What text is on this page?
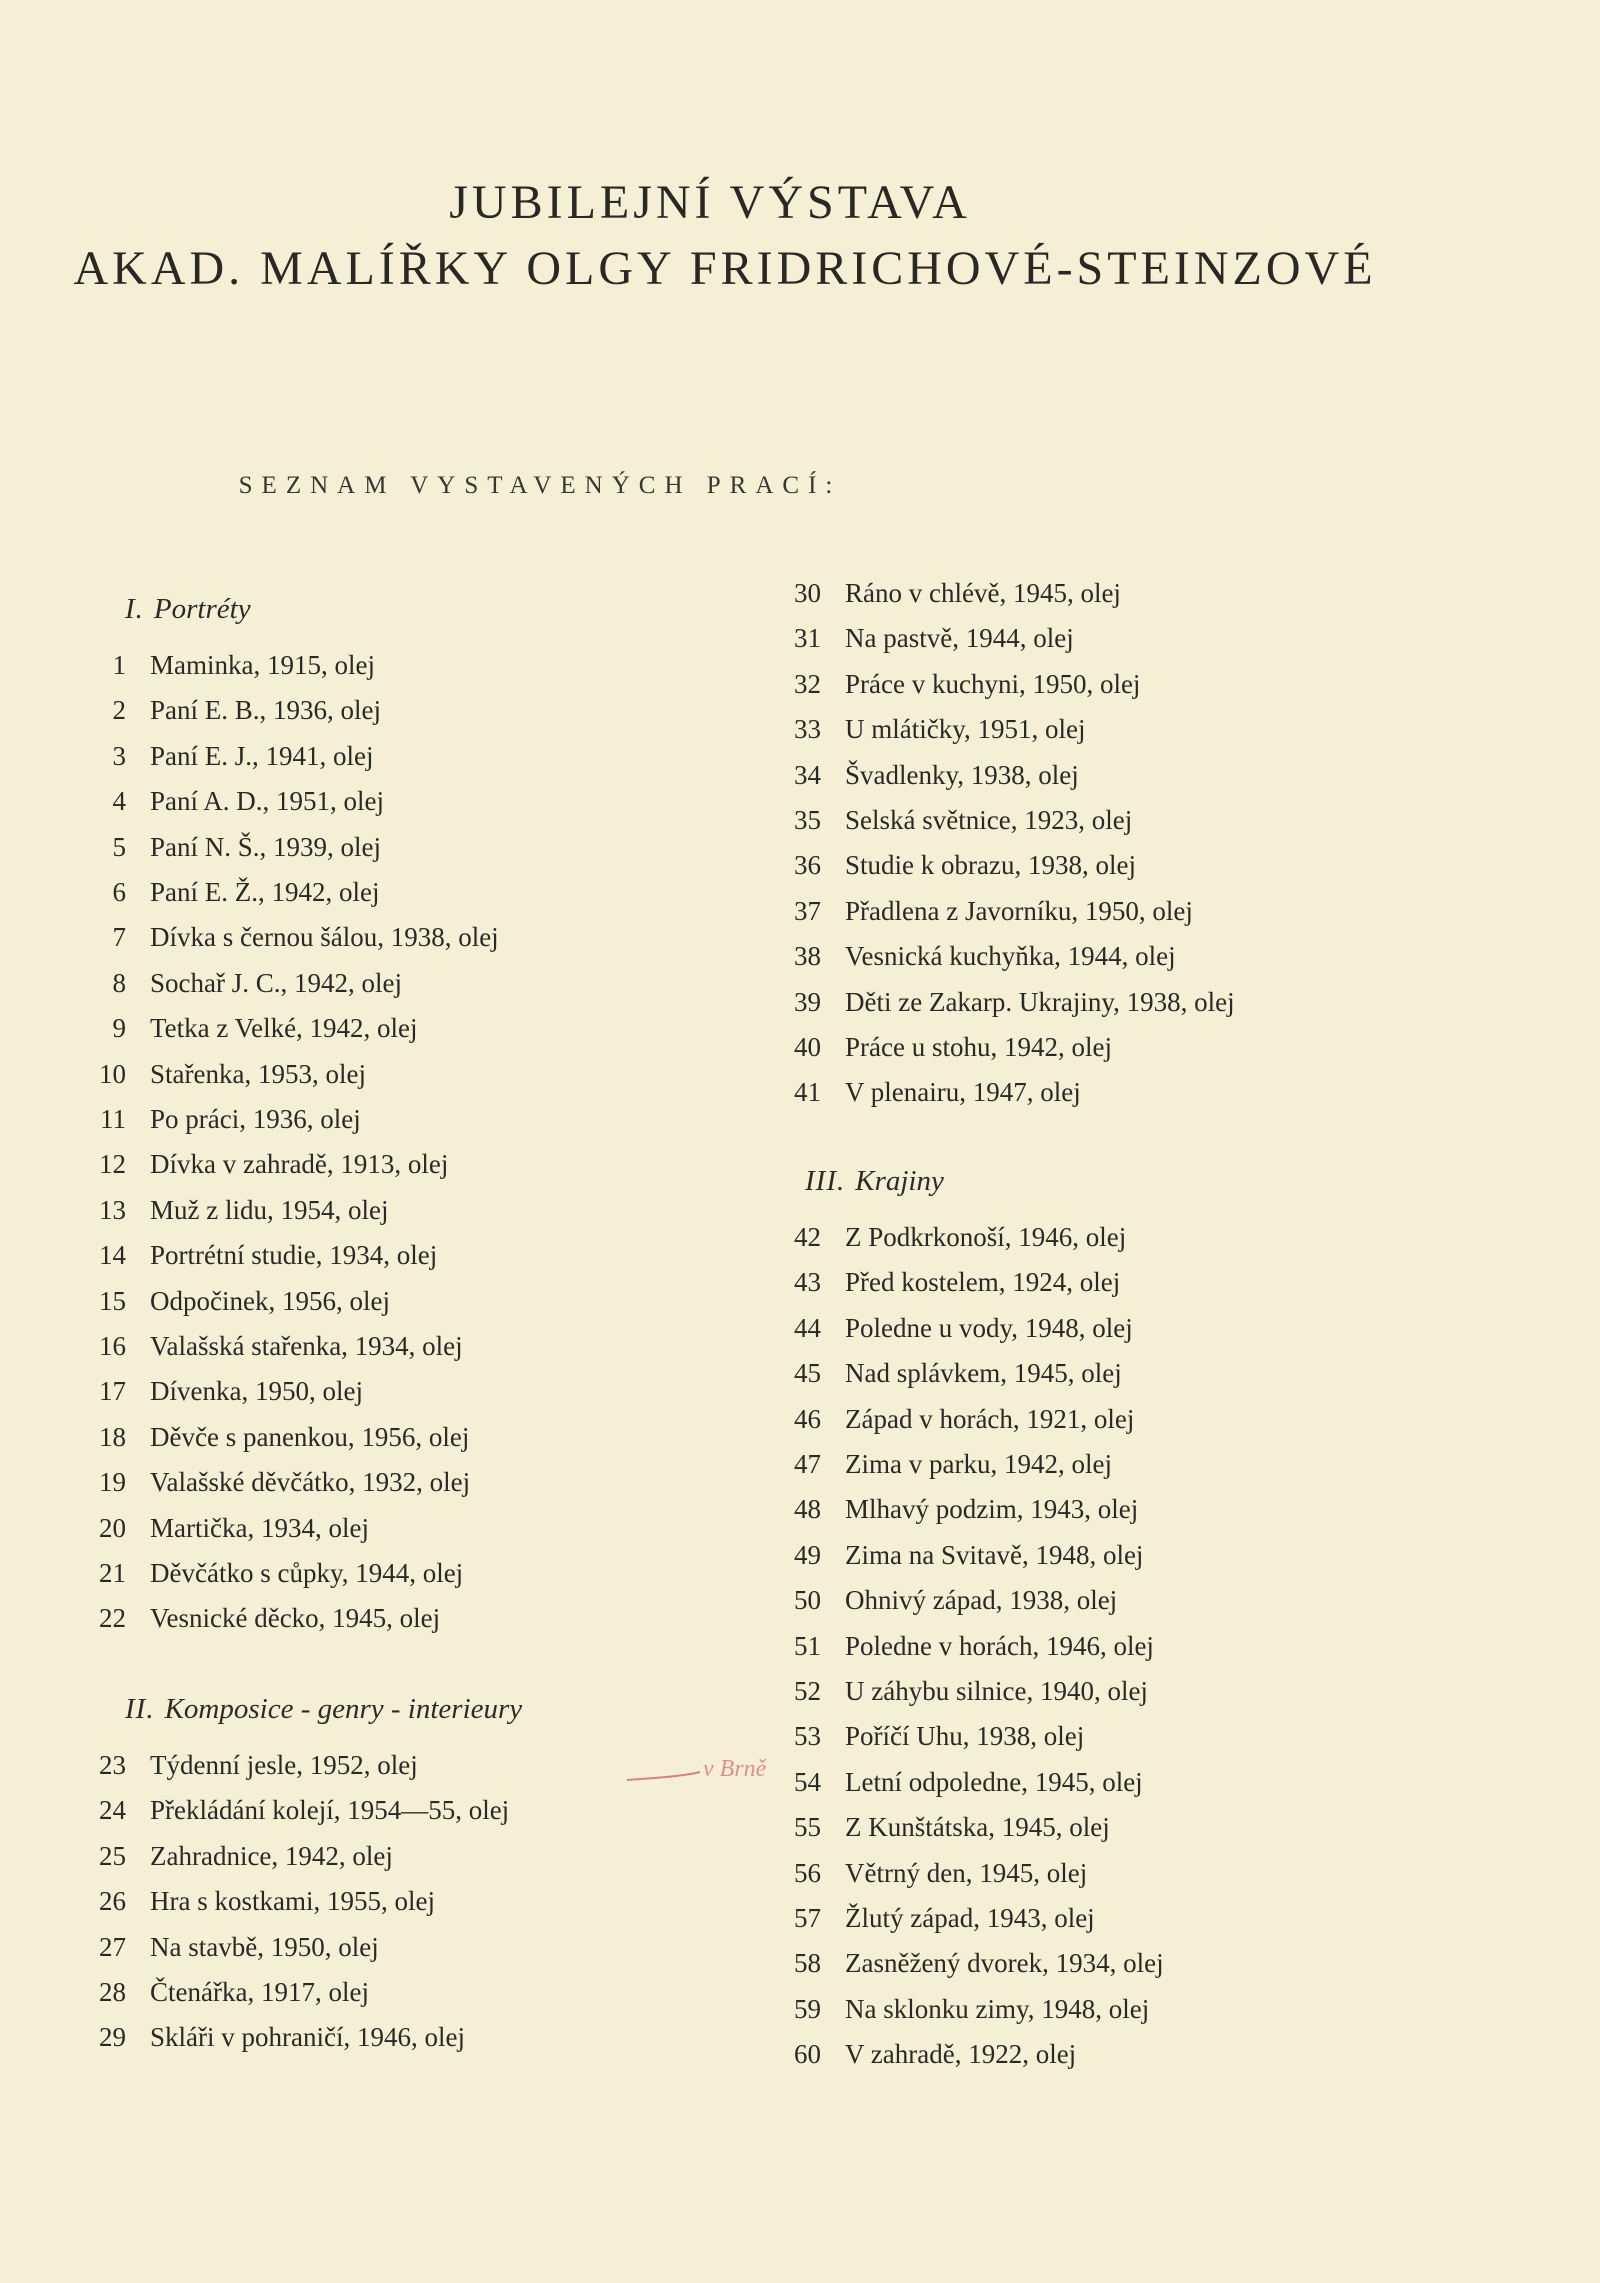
JUBILEJNÍ VÝSTAVA
AKAD. MALÍŘKY OLGY FRIDRICHOVÉ-STEINZOVÉ
SEZNAM VYSTAVENÝCH PRACÍ:
I. Portréty
1 Maminka, 1915, olej
2 Paní E. B., 1936, olej
3 Paní E. J., 1941, olej
4 Paní A. D., 1951, olej
5 Paní N. Š., 1939, olej
6 Paní E. Ž., 1942, olej
7 Dívka s černou šálou, 1938, olej
8 Sochař J. C., 1942, olej
9 Tetka z Velké, 1942, olej
10 Stařenka, 1953, olej
11 Po práci, 1936, olej
12 Dívka v zahradě, 1913, olej
13 Muž z lidu, 1954, olej
14 Portrétní studie, 1934, olej
15 Odpočinek, 1956, olej
16 Valašská stařenka, 1934, olej
17 Dívenka, 1950, olej
18 Děvče s panenkou, 1956, olej
19 Valašské děvčátko, 1932, olej
20 Martička, 1934, olej
21 Děvčátko s cůpky, 1944, olej
22 Vesnické děcko, 1945, olej
II. Komposice - genry - interieury
23 Týdenní jesle, 1952, olej
24 Překládání kolejí, 1954—55, olej
25 Zahradnice, 1942, olej
26 Hra s kostkami, 1955, olej
27 Na stavbě, 1950, olej
28 Čtenářka, 1917, olej
29 Skláři v pohraničí, 1946, olej
30 Ráno v chlévě, 1945, olej
31 Na pastvě, 1944, olej
32 Práce v kuchyni, 1950, olej
33 U mlátičky, 1951, olej
34 Švadlenky, 1938, olej
35 Selská světnice, 1923, olej
36 Studie k obrazu, 1938, olej
37 Přadlena z Javorníku, 1950, olej
38 Vesnická kuchyňka, 1944, olej
39 Děti ze Zakarp. Ukrajiny, 1938, olej
40 Práce u stohu, 1942, olej
41 V plenairu, 1947, olej
III. Krajiny
42 Z Podkrkonoší, 1946, olej
43 Před kostelem, 1924, olej
44 Poledne u vody, 1948, olej
45 Nad splávkem, 1945, olej
46 Západ v horách, 1921, olej
47 Zima v parku, 1942, olej
48 Mlhavý podzim, 1943, olej
49 Zima na Svitavě, 1948, olej
50 Ohnivý západ, 1938, olej
51 Poledne v horách, 1946, olej
52 U záhybu silnice, 1940, olej
53 Poříčí Uhu, 1938, olej
54 Letní odpoledne, 1945, olej
55 Z Kunštátska, 1945, olej
56 Větrný den, 1945, olej
57 Žlutý západ, 1943, olej
58 Zasněžený dvorek, 1934, olej
59 Na sklonku zimy, 1948, olej
60 V zahradě, 1922, olej
v Brně
